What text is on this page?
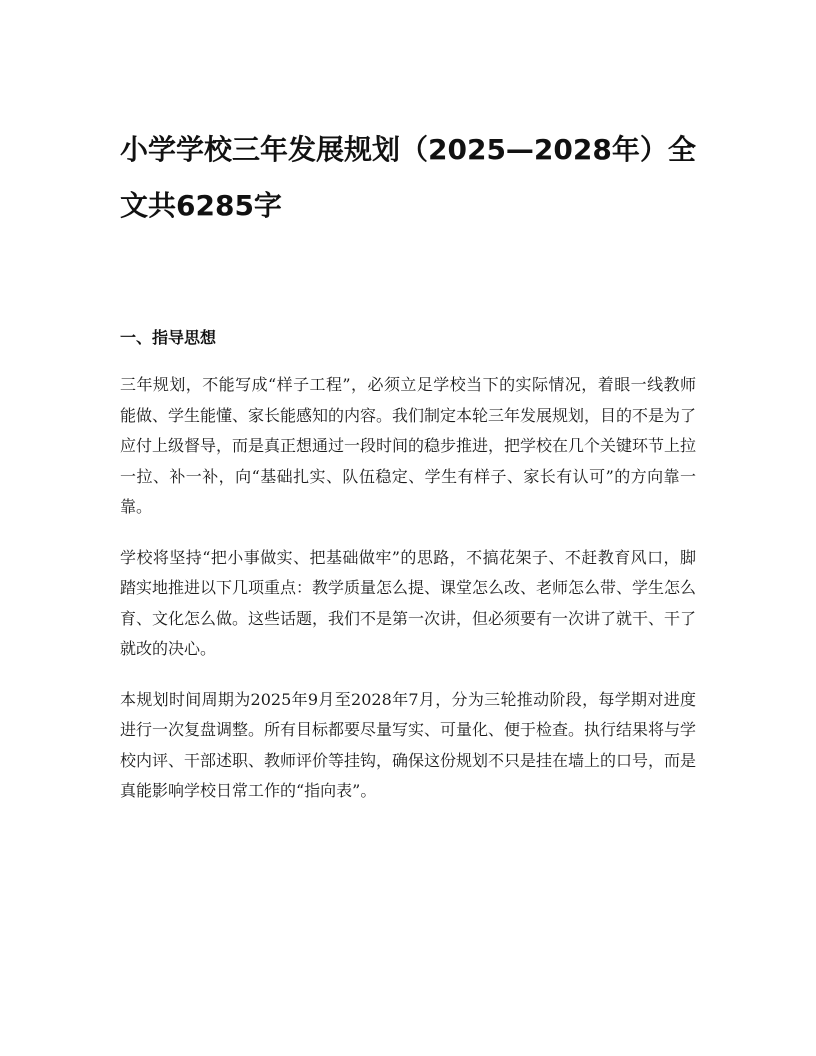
小学学校三年发展规划（2025—2028年）全文共6285字
一、指导思想

三年规划，不能写成“样子工程”，必须立足学校当下的实际情况，着眼一线教师能做、学生能懂、家长能感知的内容。我们制定本轮三年发展规划，目的不是为了应付上级督导，而是真正想通过一段时间的稳步推进，把学校在几个关键环节上拉一拉、补一补，向“基础扎实、队伍稳定、学生有样子、家长有认可”的方向靠一靠。

学校将坚持“把小事做实、把基础做牢”的思路，不搞花架子、不赶教育风口，脚踏实地推进以下几项重点：教学质量怎么提、课堂怎么改、老师怎么带、学生怎么育、文化怎么做。这些话题，我们不是第一次讲，但必须要有一次讲了就干、干了就改的决心。

本规划时间周期为2025年9月至2028年7月，分为三轮推动阶段，每学期对进度进行一次复盘调整。所有目标都要尽量写实、可量化、便于检查。执行结果将与学校内评、干部述职、教师评价等挂钩，确保这份规划不只是挂在墙上的口号，而是真能影响学校日常工作的“指向表”。
